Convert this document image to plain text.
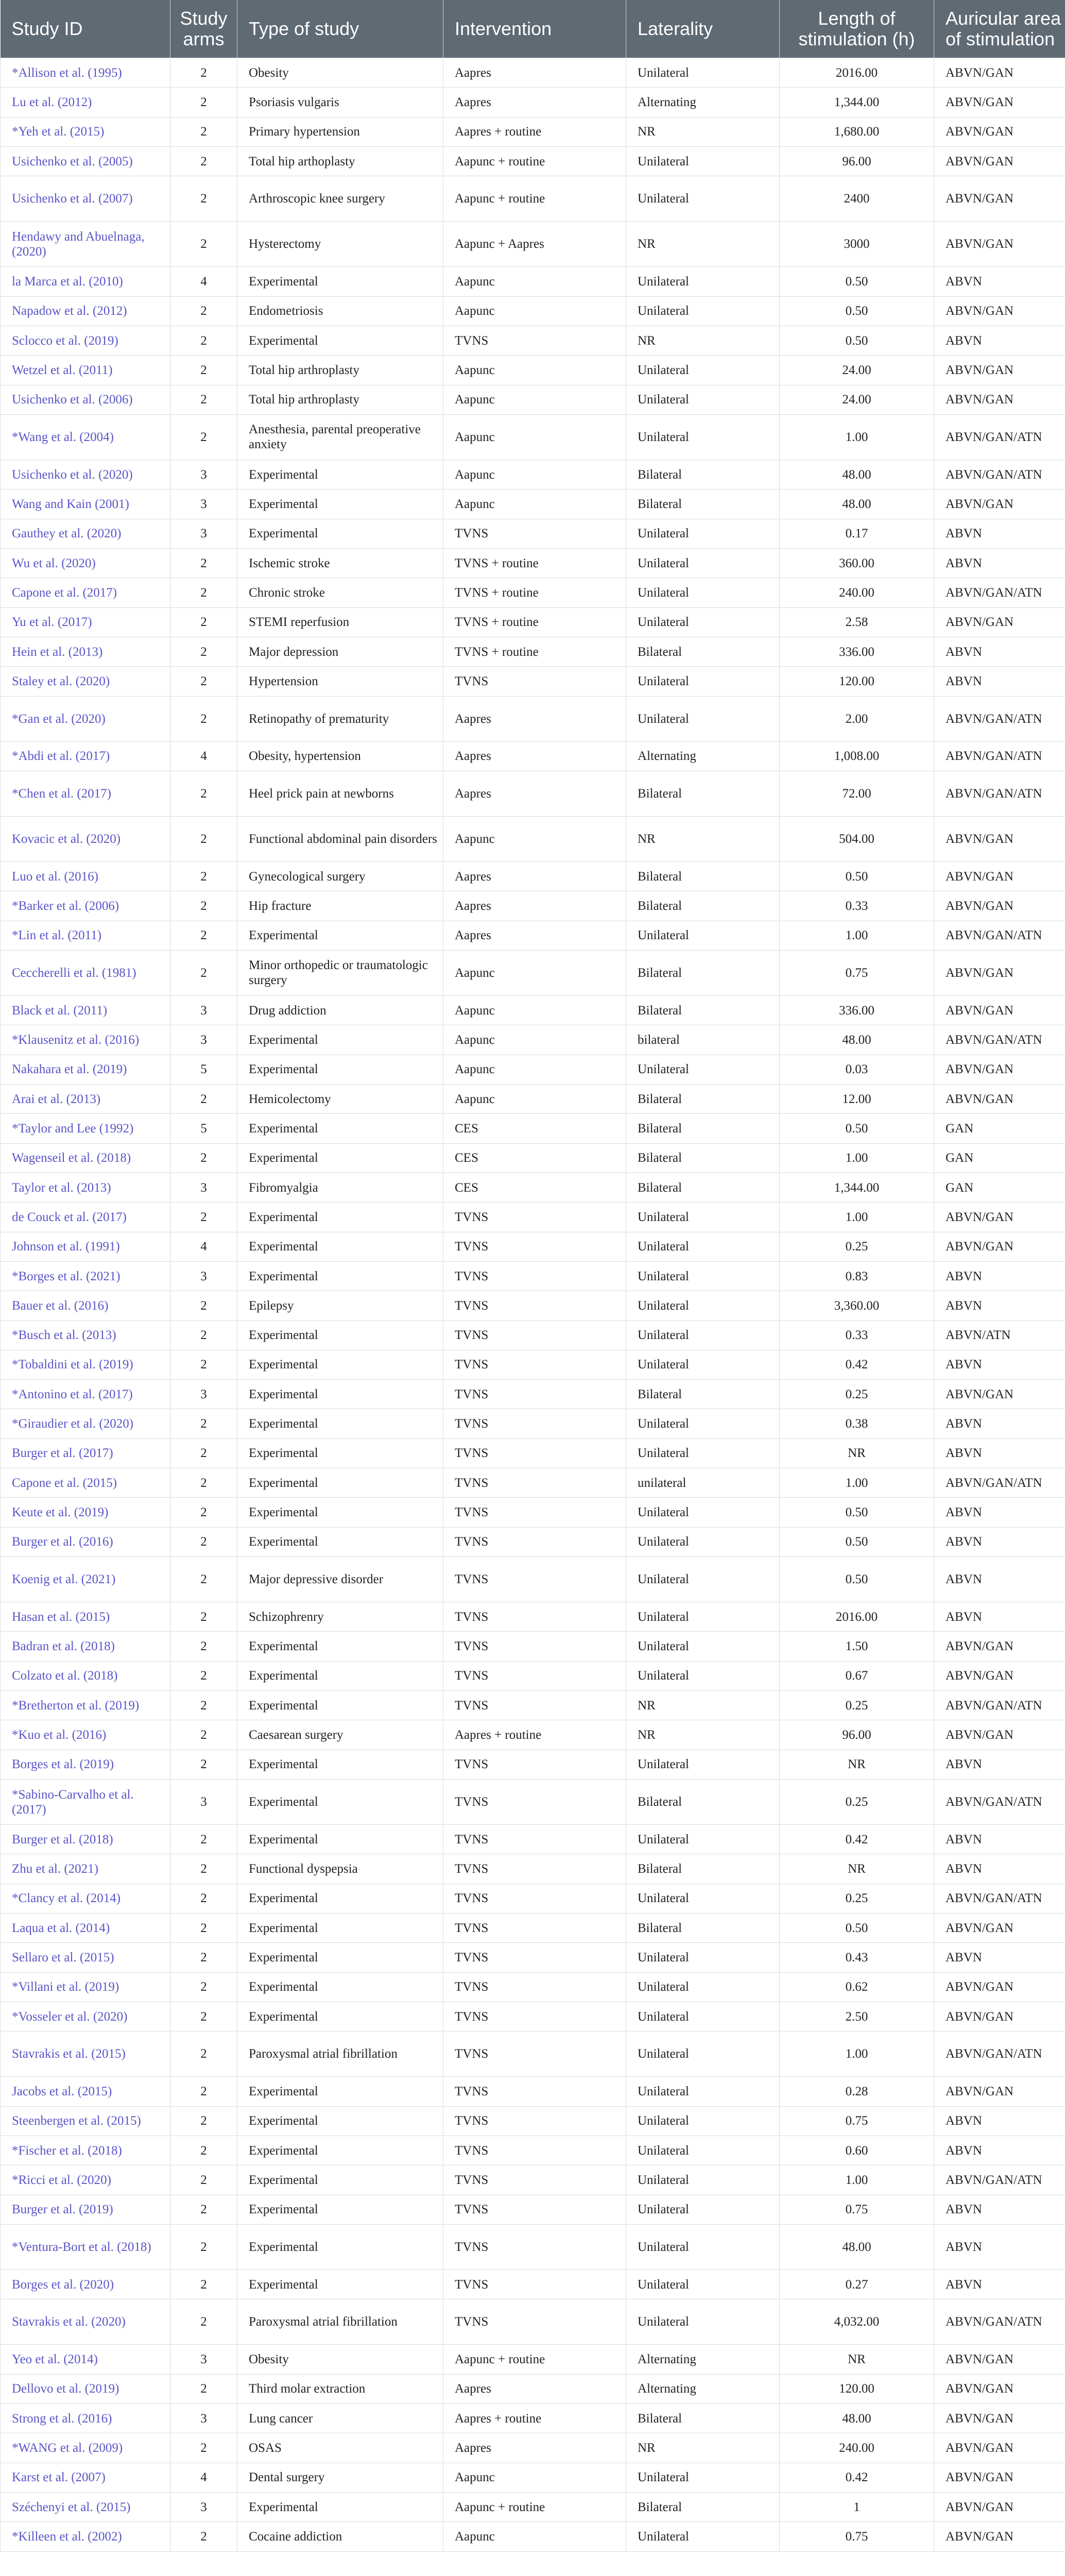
Study ID	Study arms	Type of study	Intervention	Laterality	Length of stimulation (h)	Auricular area of stimulation
*Allison et al. (1995)	2	Obesity	Aapres	Unilateral	2016.00	ABVN/GAN
Lu et al. (2012)	2	Psoriasis vulgaris	Aapres	Alternating	1,344.00	ABVN/GAN
*Yeh et al. (2015)	2	Primary hypertension	Aapres + routine	NR	1,680.00	ABVN/GAN
Usichenko et al. (2005)	2	Total hip arthoplasty	Aapunc + routine	Unilateral	96.00	ABVN/GAN
Usichenko et al. (2007)	2	Arthroscopic knee surgery	Aapunc + routine	Unilateral	2400	ABVN/GAN
Hendawy and Abuelnaga, (2020)	2	Hysterectomy	Aapunc + Aapres	NR	3000	ABVN/GAN
la Marca et al. (2010)	4	Experimental	Aapunc	Unilateral	0.50	ABVN
Napadow et al. (2012)	2	Endometriosis	Aapunc	Unilateral	0.50	ABVN/GAN
Sclocco et al. (2019)	2	Experimental	TVNS	NR	0.50	ABVN
Wetzel et al. (2011)	2	Total hip arthroplasty	Aapunc	Unilateral	24.00	ABVN/GAN
Usichenko et al. (2006)	2	Total hip arthroplasty	Aapunc	Unilateral	24.00	ABVN/GAN
*Wang et al. (2004)	2	Anesthesia, parental preoperative anxiety	Aapunc	Unilateral	1.00	ABVN/GAN/ATN
Usichenko et al. (2020)	3	Experimental	Aapunc	Bilateral	48.00	ABVN/GAN/ATN
Wang and Kain (2001)	3	Experimental	Aapunc	Bilateral	48.00	ABVN/GAN
Gauthey et al. (2020)	3	Experimental	TVNS	Unilateral	0.17	ABVN
Wu et al. (2020)	2	Ischemic stroke	TVNS + routine	Unilateral	360.00	ABVN
Capone et al. (2017)	2	Chronic stroke	TVNS + routine	Unilateral	240.00	ABVN/GAN/ATN
Yu et al. (2017)	2	STEMI reperfusion	TVNS + routine	Unilateral	2.58	ABVN/GAN
Hein et al. (2013)	2	Major depression	TVNS + routine	Bilateral	336.00	ABVN
Staley et al. (2020)	2	Hypertension	TVNS	Unilateral	120.00	ABVN
*Gan et al. (2020)	2	Retinopathy of prematurity	Aapres	Unilateral	2.00	ABVN/GAN/ATN
*Abdi et al. (2017)	4	Obesity, hypertension	Aapres	Alternating	1,008.00	ABVN/GAN/ATN
*Chen et al. (2017)	2	Heel prick pain at newborns	Aapres	Bilateral	72.00	ABVN/GAN/ATN
Kovacic et al. (2020)	2	Functional abdominal pain disorders	Aapunc	NR	504.00	ABVN/GAN
Luo et al. (2016)	2	Gynecological surgery	Aapres	Bilateral	0.50	ABVN/GAN
*Barker et al. (2006)	2	Hip fracture	Aapres	Bilateral	0.33	ABVN/GAN
*Lin et al. (2011)	2	Experimental	Aapres	Unilateral	1.00	ABVN/GAN/ATN
Ceccherelli et al. (1981)	2	Minor orthopedic or traumatologic surgery	Aapunc	Bilateral	0.75	ABVN/GAN
Black et al. (2011)	3	Drug addiction	Aapunc	Bilateral	336.00	ABVN/GAN
*Klausenitz et al. (2016)	3	Experimental	Aapunc	bilateral	48.00	ABVN/GAN/ATN
Nakahara et al. (2019)	5	Experimental	Aapunc	Unilateral	0.03	ABVN/GAN
Arai et al. (2013)	2	Hemicolectomy	Aapunc	Bilateral	12.00	ABVN/GAN
*Taylor and Lee (1992)	5	Experimental	CES	Bilateral	0.50	GAN
Wagenseil et al. (2018)	2	Experimental	CES	Bilateral	1.00	GAN
Taylor et al. (2013)	3	Fibromyalgia	CES	Bilateral	1,344.00	GAN
de Couck et al. (2017)	2	Experimental	TVNS	Unilateral	1.00	ABVN/GAN
Johnson et al. (1991)	4	Experimental	TVNS	Unilateral	0.25	ABVN/GAN
*Borges et al. (2021)	3	Experimental	TVNS	Unilateral	0.83	ABVN
Bauer et al. (2016)	2	Epilepsy	TVNS	Unilateral	3,360.00	ABVN
*Busch et al. (2013)	2	Experimental	TVNS	Unilateral	0.33	ABVN/ATN
*Tobaldini et al. (2019)	2	Experimental	TVNS	Unilateral	0.42	ABVN
*Antonino et al. (2017)	3	Experimental	TVNS	Bilateral	0.25	ABVN/GAN
*Giraudier et al. (2020)	2	Experimental	TVNS	Unilateral	0.38	ABVN
Burger et al. (2017)	2	Experimental	TVNS	Unilateral	NR	ABVN
Capone et al. (2015)	2	Experimental	TVNS	unilateral	1.00	ABVN/GAN/ATN
Keute et al. (2019)	2	Experimental	TVNS	Unilateral	0.50	ABVN
Burger et al. (2016)	2	Experimental	TVNS	Unilateral	0.50	ABVN
Koenig et al. (2021)	2	Major depressive disorder	TVNS	Unilateral	0.50	ABVN
Hasan et al. (2015)	2	Schizophrenry	TVNS	Unilateral	2016.00	ABVN
Badran et al. (2018)	2	Experimental	TVNS	Unilateral	1.50	ABVN/GAN
Colzato et al. (2018)	2	Experimental	TVNS	Unilateral	0.67	ABVN/GAN
*Bretherton et al. (2019)	2	Experimental	TVNS	NR	0.25	ABVN/GAN/ATN
*Kuo et al. (2016)	2	Caesarean surgery	Aapres + routine	NR	96.00	ABVN/GAN
Borges et al. (2019)	2	Experimental	TVNS	Unilateral	NR	ABVN
*Sabino-Carvalho et al. (2017)	3	Experimental	TVNS	Bilateral	0.25	ABVN/GAN/ATN
Burger et al. (2018)	2	Experimental	TVNS	Unilateral	0.42	ABVN
Zhu et al. (2021)	2	Functional dyspepsia	TVNS	Bilateral	NR	ABVN
*Clancy et al. (2014)	2	Experimental	TVNS	Unilateral	0.25	ABVN/GAN/ATN
Laqua et al. (2014)	2	Experimental	TVNS	Bilateral	0.50	ABVN/GAN
Sellaro et al. (2015)	2	Experimental	TVNS	Unilateral	0.43	ABVN
*Villani et al. (2019)	2	Experimental	TVNS	Unilateral	0.62	ABVN/GAN
*Vosseler et al. (2020)	2	Experimental	TVNS	Unilateral	2.50	ABVN/GAN
Stavrakis et al. (2015)	2	Paroxysmal atrial fibrillation	TVNS	Unilateral	1.00	ABVN/GAN/ATN
Jacobs et al. (2015)	2	Experimental	TVNS	Unilateral	0.28	ABVN/GAN
Steenbergen et al. (2015)	2	Experimental	TVNS	Unilateral	0.75	ABVN
*Fischer et al. (2018)	2	Experimental	TVNS	Unilateral	0.60	ABVN
*Ricci et al. (2020)	2	Experimental	TVNS	Unilateral	1.00	ABVN/GAN/ATN
Burger et al. (2019)	2	Experimental	TVNS	Unilateral	0.75	ABVN
*Ventura-Bort et al. (2018)	2	Experimental	TVNS	Unilateral	48.00	ABVN
Borges et al. (2020)	2	Experimental	TVNS	Unilateral	0.27	ABVN
Stavrakis et al. (2020)	2	Paroxysmal atrial fibrillation	TVNS	Unilateral	4,032.00	ABVN/GAN/ATN
Yeo et al. (2014)	3	Obesity	Aapunc + routine	Alternating	NR	ABVN/GAN
Dellovo et al. (2019)	2	Third molar extraction	Aapres	Alternating	120.00	ABVN/GAN
Strong et al. (2016)	3	Lung cancer	Aapres + routine	Bilateral	48.00	ABVN/GAN
*WANG et al. (2009)	2	OSAS	Aapres	NR	240.00	ABVN/GAN
Karst et al. (2007)	4	Dental surgery	Aapunc	Unilateral	0.42	ABVN/GAN
Széchenyi et al. (2015)	3	Experimental	Aapunc + routine	Bilateral	1	ABVN/GAN
*Killeen et al. (2002)	2	Cocaine addiction	Aapunc	Unilateral	0.75	ABVN/GAN
